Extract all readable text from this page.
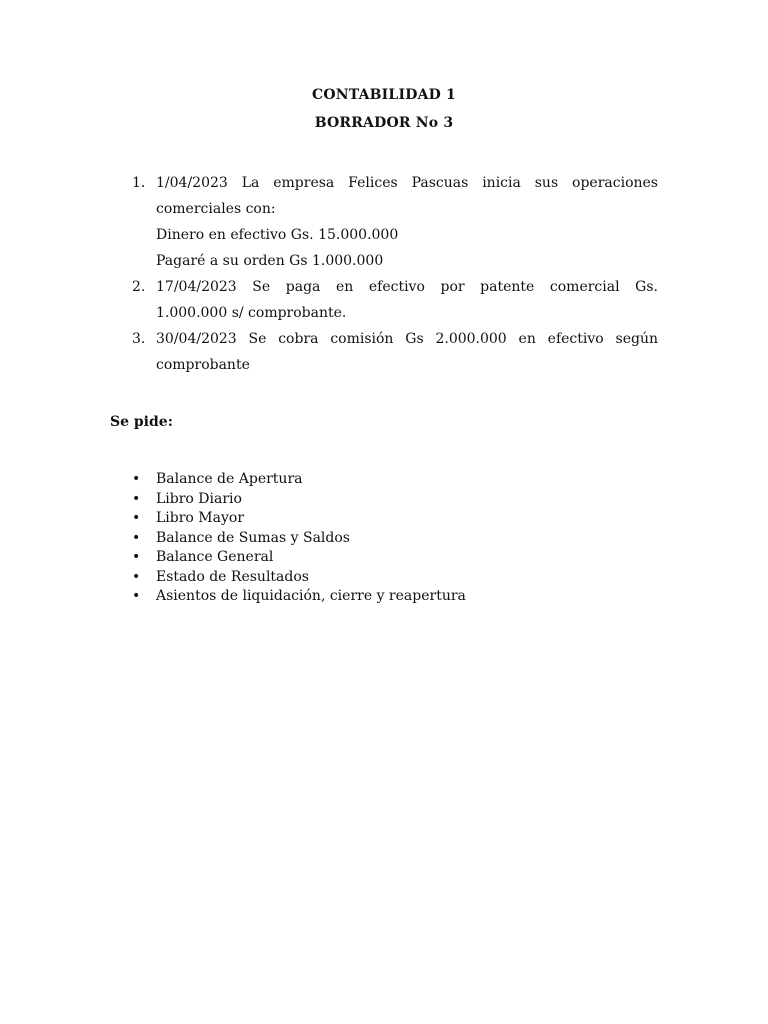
CONTABILIDAD 1
BORRADOR No 3
1. 1/04/2023 La empresa Felices Pascuas inicia sus operaciones
comerciales con:
Dinero en efectivo Gs. 15.000.000
Pagaré a su orden Gs 1.000.000
2. 17/04/2023 Se paga en efectivo por patente comercial Gs.
1.000.000 s/ comprobante.
3. 30/04/2023 Se cobra comisión Gs 2.000.000 en efectivo según
comprobante
Se pide:
• Balance de Apertura
• Libro Diario
• Libro Mayor
• Balance de Sumas y Saldos
• Balance General
• Estado de Resultados
• Asientos de liquidación, cierre y reapertura
